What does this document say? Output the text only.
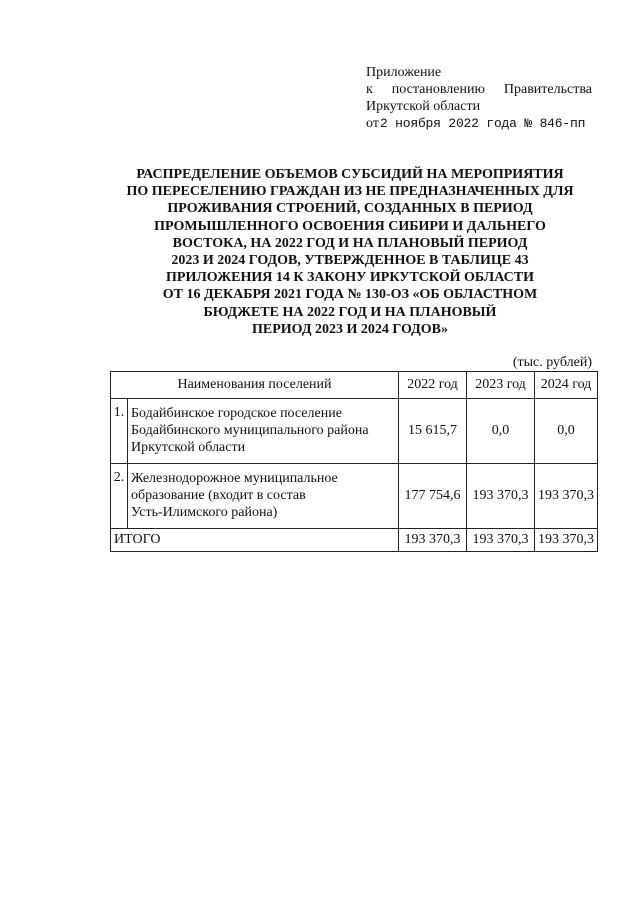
Приложение
к постановлению Правительства
Иркутской области
от 2 ноября 2022 года № 846-пп
РАСПРЕДЕЛЕНИЕ ОБЪЕМОВ СУБСИДИЙ НА МЕРОПРИЯТИЯ
ПО ПЕРЕСЕЛЕНИЮ ГРАЖДАН ИЗ НЕ ПРЕДНАЗНАЧЕННЫХ ДЛЯ
ПРОЖИВАНИЯ СТРОЕНИЙ, СОЗДАННЫХ В ПЕРИОД
ПРОМЫШЛЕННОГО ОСВОЕНИЯ СИБИРИ И ДАЛЬНЕГО
ВОСТОКА, НА 2022 ГОД И НА ПЛАНОВЫЙ ПЕРИОД
2023 И 2024 ГОДОВ, УТВЕРЖДЕННОЕ В ТАБЛИЦЕ 43
ПРИЛОЖЕНИЯ 14 К ЗАКОНУ ИРКУТСКОЙ ОБЛАСТИ
ОТ 16 ДЕКАБРЯ 2021 ГОДА № 130-ОЗ «ОБ ОБЛАСТНОМ
БЮДЖЕТЕ НА 2022 ГОД И НА ПЛАНОВЫЙ
ПЕРИОД 2023 И 2024 ГОДОВ»
(тыс. рублей)
Наименования поселений		2022 год	2023 год	2024 год
1.	Бодайбинское городское поселение
Бодайбинского муниципального района
Иркутской области	15 615,7	0,0	0,0
2.	Железнодорожное муниципальное
образование (входит в состав
Усть-Илимского района)	177 754,6	193 370,3	193 370,3
ИТОГО		193 370,3	193 370,3	193 370,3
